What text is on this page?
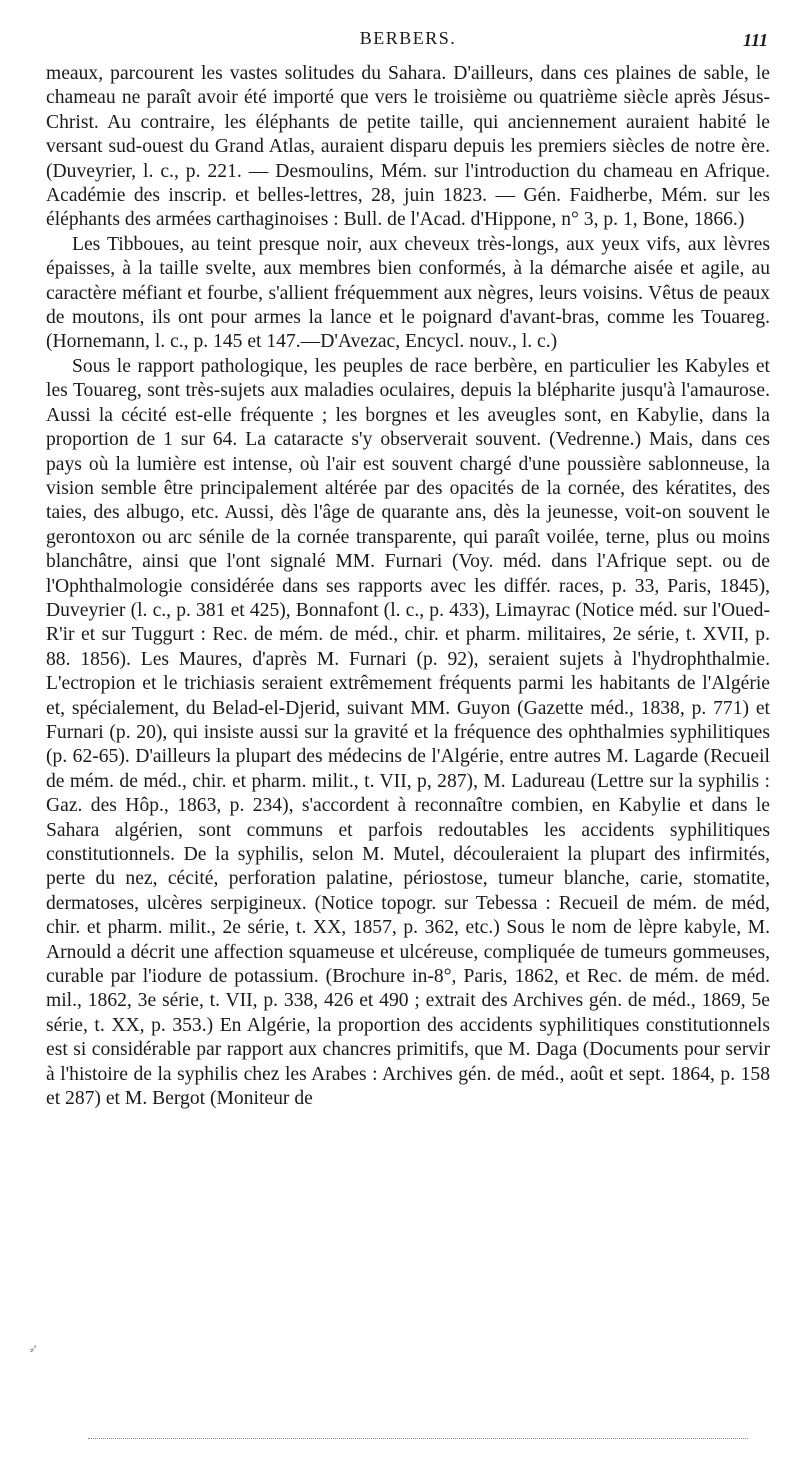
BERBERS.	111

meaux, parcourent les vastes solitudes du Sahara. D'ailleurs, dans ces plaines de sable, le chameau ne paraît avoir été importé que vers le troisième ou quatrième siècle après Jésus-Christ. Au contraire, les éléphants de petite taille, qui anciennement auraient habité le versant sud-ouest du Grand Atlas, auraient disparu depuis les premiers siècles de notre ère. (Duveyrier, l. c., p. 221. — Desmoulins, Mém. sur l'introduction du chameau en Afrique. Académie des inscrip. et belles-lettres, 28, juin 1823. — Gén. Faidherbe, Mém. sur les éléphants des armées carthaginoises : Bull. de l'Acad. d'Hippone, n° 3, p. 1, Bone, 1866.)

Les Tibboues, au teint presque noir, aux cheveux très-longs, aux yeux vifs, aux lèvres épaisses, à la taille svelte, aux membres bien conformés, à la démarche aisée et agile, au caractère méfiant et fourbe, s'allient fréquemment aux nègres, leurs voisins. Vêtus de peaux de moutons, ils ont pour armes la lance et le poignard d'avant-bras, comme les Touareg. (Hornemann, l. c., p. 145 et 147.—D'Avezac, Encycl. nouv., l. c.)

Sous le rapport pathologique, les peuples de race berbère, en particulier les Kabyles et les Touareg, sont très-sujets aux maladies oculaires, depuis la blépharite jusqu'à l'amaurose. Aussi la cécité est-elle fréquente ; les borgnes et les aveugles sont, en Kabylie, dans la proportion de 1 sur 64. La cataracte s'y observerait souvent. (Vedrenne.) Mais, dans ces pays où la lumière est intense, où l'air est souvent chargé d'une poussière sablonneuse, la vision semble être principalement altérée par des opacités de la cornée, des kératites, des taies, des albugo, etc. Aussi, dès l'âge de quarante ans, dès la jeunesse, voit-on souvent le gerontoxon ou arc sénile de la cornée transparente, qui paraît voilée, terne, plus ou moins blanchâtre, ainsi que l'ont signalé MM. Furnari (Voy. méd. dans l'Afrique sept. ou de l'Ophthalmologie considérée dans ses rapports avec les différ. races, p. 33, Paris, 1845), Duveyrier (l. c., p. 381 et 425), Bonnafont (l. c., p. 433), Limayrac (Notice méd. sur l'Oued-R'ir et sur Tuggurt : Rec. de mém. de méd., chir. et pharm. militaires, 2e série, t. XVII, p. 88. 1856). Les Maures, d'après M. Furnari (p. 92), seraient sujets à l'hydrophthalmie. L'ectropion et le trichiasis seraient extrêmement fréquents parmi les habitants de l'Algérie et, spécialement, du Belad-el-Djerid, suivant MM. Guyon (Gazette méd., 1838, p. 771) et Furnari (p. 20), qui insiste aussi sur la gravité et la fréquence des ophthalmies syphilitiques (p. 62-65). D'ailleurs la plupart des médecins de l'Algérie, entre autres M. Lagarde (Recueil de mém. de méd., chir. et pharm. milit., t. VII, p, 287), M. Ladureau (Lettre sur la syphilis : Gaz. des Hôp., 1863, p. 234), s'accordent à reconnaître combien, en Kabylie et dans le Sahara algérien, sont communs et parfois redoutables les accidents syphilitiques constitutionnels. De la syphilis, selon M. Mutel, découleraient la plupart des infirmités, perte du nez, cécité, perforation palatine, périostose, tumeur blanche, carie, stomatite, dermatoses, ulcères serpigineux. (Notice topogr. sur Tebessa : Recueil de mém. de méd, chir. et pharm. milit., 2e série, t. XX, 1857, p. 362, etc.) Sous le nom de lèpre kabyle, M. Arnould a décrit une affection squameuse et ulcéreuse, compliquée de tumeurs gommeuses, curable par l'iodure de potassium. (Brochure in-8°, Paris, 1862, et Rec. de mém. de méd. mil., 1862, 3e série, t. VII, p. 338, 426 et 490 ; extrait des Archives gén. de méd., 1869, 5e série, t. XX, p. 353.) En Algérie, la proportion des accidents syphilitiques constitutionnels est si considérable par rapport aux chancres primitifs, que M. Daga (Documents pour servir à l'histoire de la syphilis chez les Arabes : Archives gén. de méd., août et sept. 1864, p. 158 et 287) et M. Bergot (Moniteur de

⸗'
